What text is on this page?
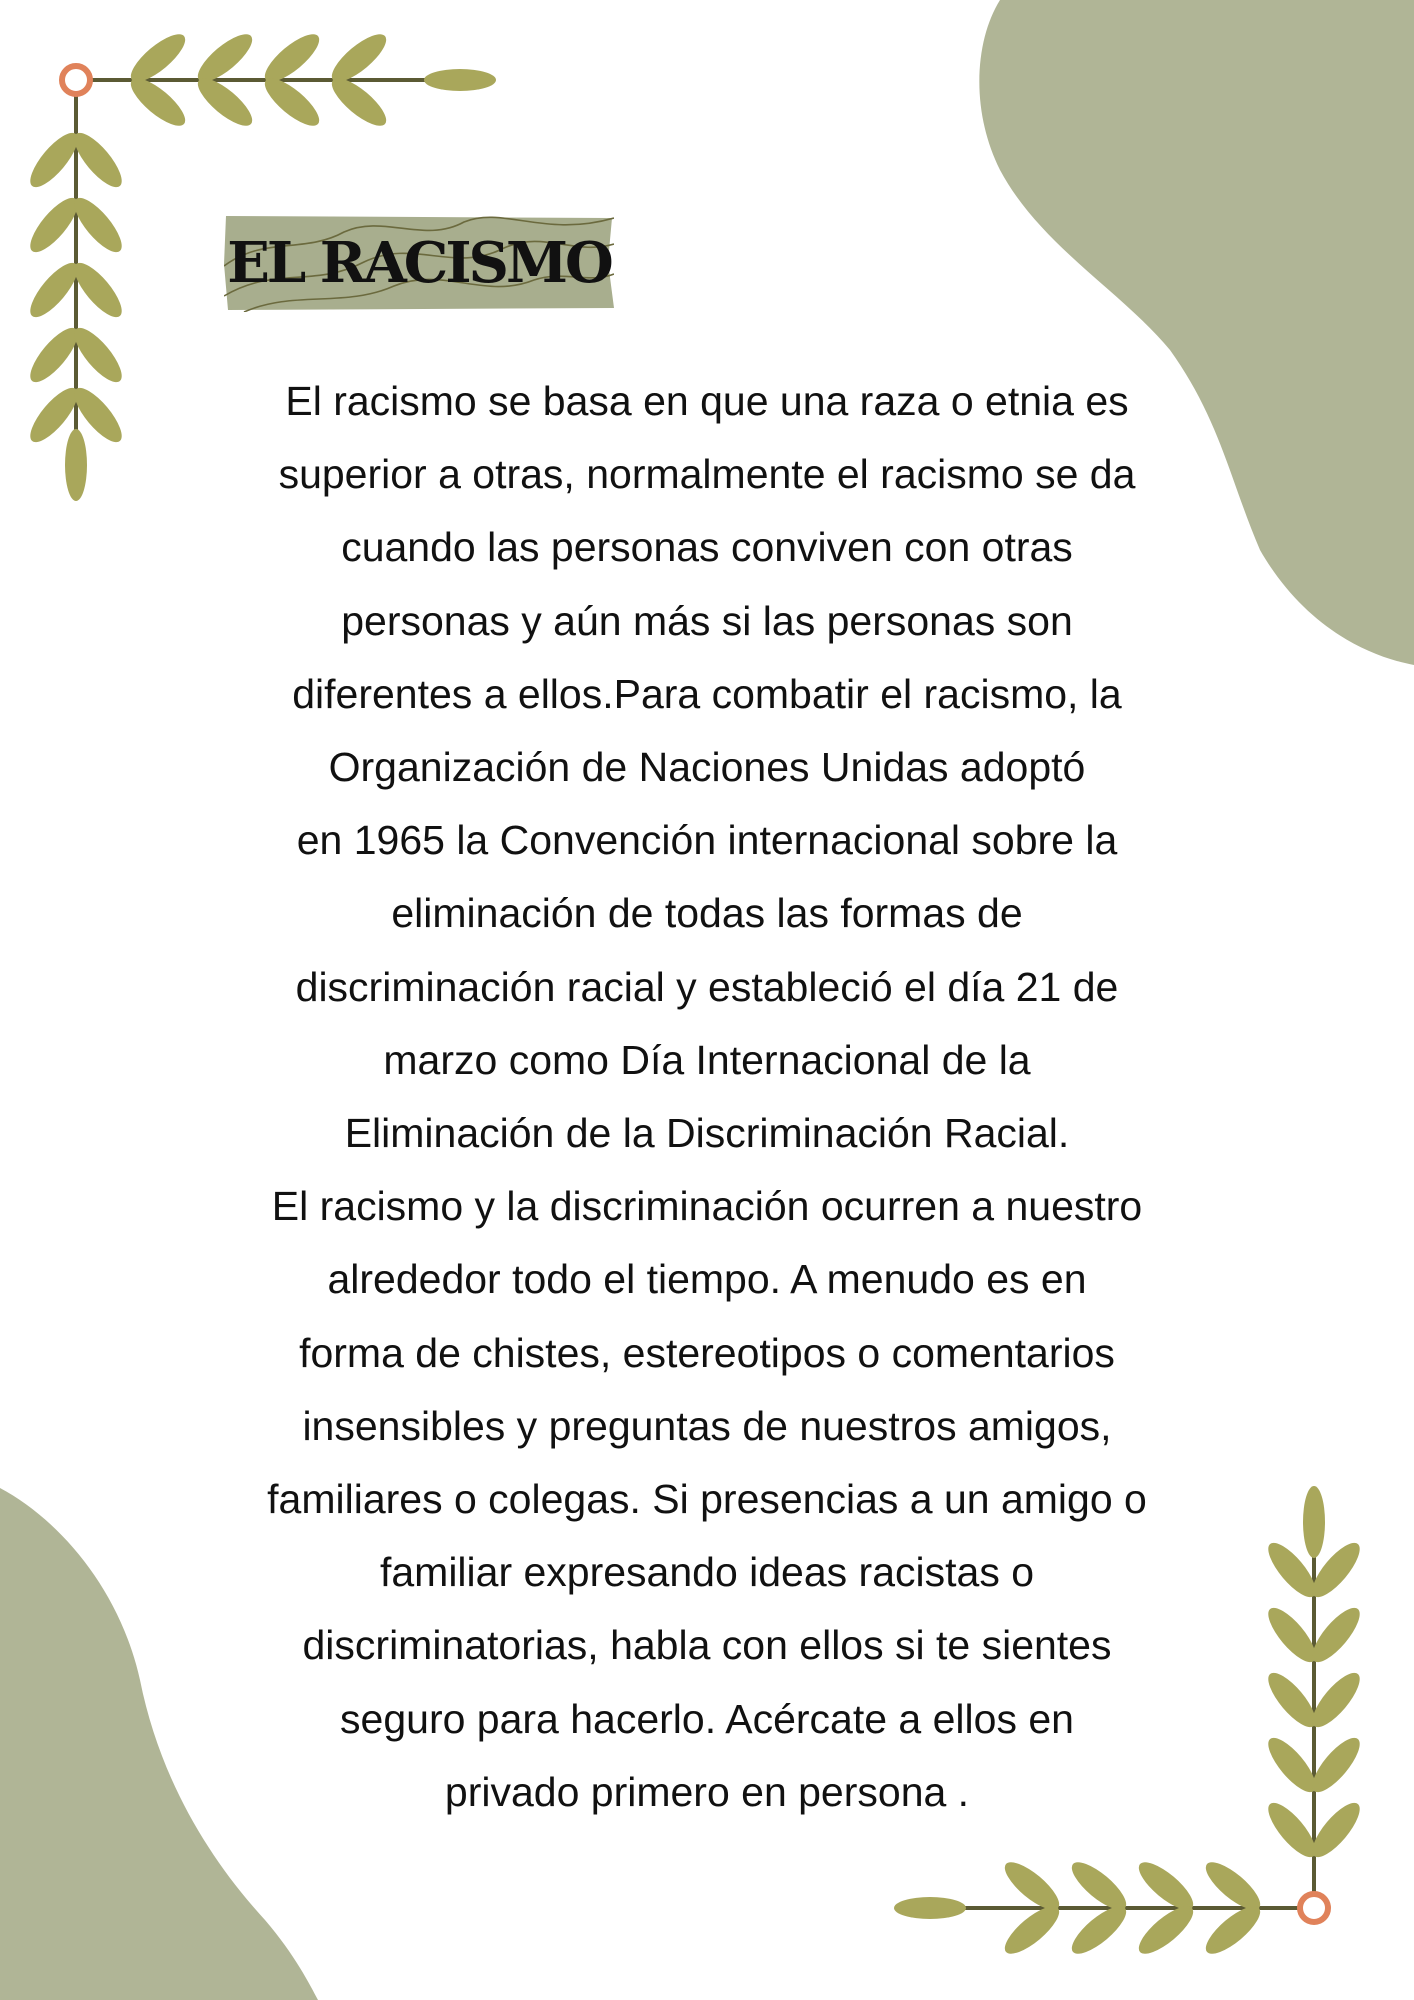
EL RACISMO
El racismo se basa en que una raza o etnia es
superior a otras, normalmente el racismo se da
cuando las personas conviven con otras
personas y aún más si las personas son
diferentes a ellos.Para combatir el racismo, la
Organización de Naciones Unidas adoptó
en 1965 la Convención internacional sobre la
eliminación de todas las formas de
discriminación racial y estableció el día 21 de
marzo como Día Internacional de la
Eliminación de la Discriminación Racial.
El racismo y la discriminación ocurren a nuestro
alrededor todo el tiempo. A menudo es en
forma de chistes, estereotipos o comentarios
insensibles y preguntas de nuestros amigos,
familiares o colegas. Si presencias a un amigo o
familiar expresando ideas racistas o
discriminatorias, habla con ellos si te sientes
seguro para hacerlo. Acércate a ellos en
privado primero en persona .
